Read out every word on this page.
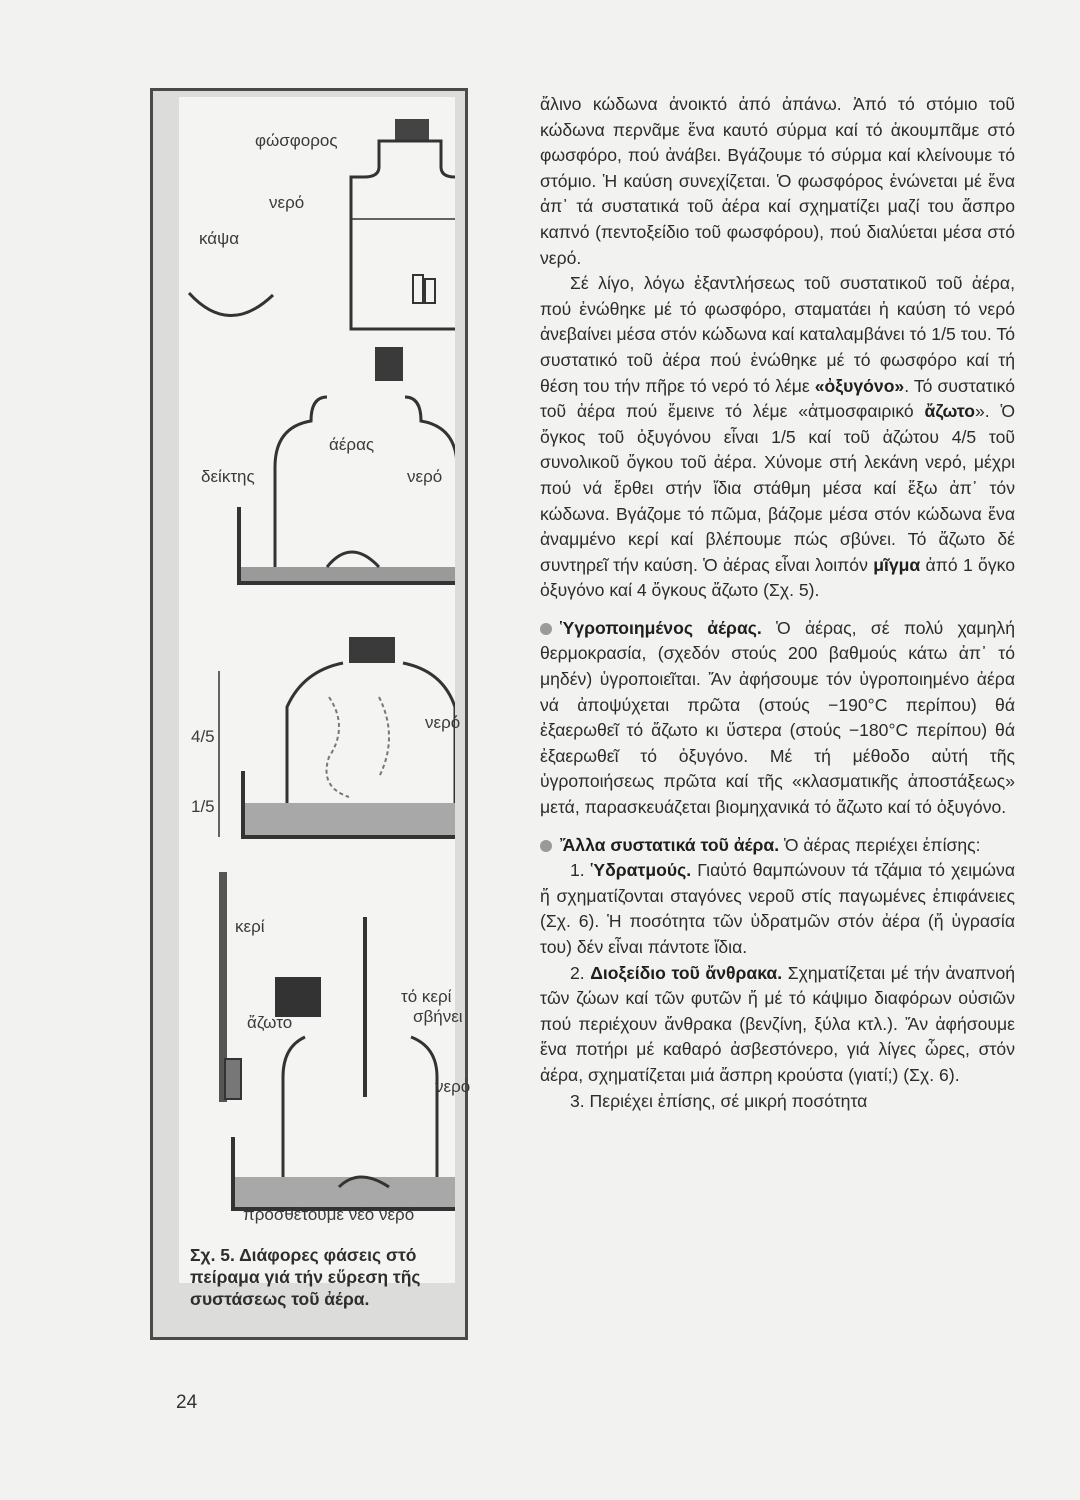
φώσφορος
νερό
κάψα
άέρας
δείκτης	νερό
4/5
νερό
1/5
κερί
ἄζωτο
τό κερί
σβήνει
νερό
προσθέτουμε νέο νερό
Σχ. 5. Διάφορες φάσεις στό πείραμα γιά τήν εὕρεση τῆς συστάσεως τοῦ ἀέρα.

ἄλινο κώδωνα ἀνοικτό ἀπό ἀπάνω. Ἀπό τό στόμιο τοῦ κώδωνα περνᾶμε ἕνα καυτό σύρμα καί τό ἀκουμπᾶμε στό φωσφόρο, πού ἀνάβει. Βγάζουμε τό σύρμα καί κλείνουμε τό στόμιο. Ἡ καύση συνεχίζεται. Ὁ φωσφόρος ἑνώνεται μέ ἕνα ἀπ᾽ τά συστατικά τοῦ ἀέρα καί σχηματίζει μαζί του ἄσπρο καπνό (πεντοξείδιο τοῦ φωσφόρου), πού διαλύεται μέσα στό νερό.

Σέ λίγο, λόγω ἐξαντλήσεως τοῦ συστατικοῦ τοῦ ἀέρα, πού ἑνώθηκε μέ τό φωσφόρο, σταματάει ἡ καύση τό νερό ἀνεβαίνει μέσα στόν κώδωνα καί καταλαμβάνει τό 1/5 του. Τό συστατικό τοῦ ἀέρα πού ἑνώθηκε μέ τό φωσφόρο καί τή θέση του τήν πῆρε τό νερό τό λέμε «ὀξυγόνο». Τό συστατικό τοῦ ἀέρα πού ἔμεινε τό λέμε «ἀτμοσφαιρικό ἄζωτο». Ὁ ὄγκος τοῦ ὀξυγόνου εἶναι 1/5 καί τοῦ ἀζώτου 4/5 τοῦ συνολικοῦ ὄγκου τοῦ ἀέρα. Χύνομε στή λεκάνη νερό, μέχρι πού νά ἔρθει στήν ἴδια στάθμη μέσα καί ἔξω ἀπ᾽ τόν κώδωνα. Βγάζομε τό πῶμα, βάζομε μέσα στόν κώδωνα ἕνα ἀναμμένο κερί καί βλέπουμε πώς σβύνει. Τό ἄζωτο δέ συντηρεῖ τήν καύση. Ὁ ἀέρας εἶναι λοιπόν μῖγμα ἀπό 1 ὄγκο ὀξυγόνο καί 4 ὄγκους ἄζωτο (Σχ. 5).

Ὑγροποιημένος ἀέρας. Ὁ ἀέρας, σέ πολύ χαμηλή θερμοκρασία, (σχεδόν στούς 200 βαθμούς κάτω ἀπ᾽ τό μηδέν) ὑγροποιεῖται. Ἄν ἀφήσουμε τόν ὑγροποιημένο ἀέρα νά ἀποψύχεται πρῶτα (στούς −190°C περίπου) θά ἐξαερωθεῖ τό ἄζωτο κι ὕστερα (στούς −180°C περίπου) θά ἐξαερωθεῖ τό ὀξυγόνο. Μέ τή μέθοδο αὐτή τῆς ὑγροποιήσεως πρῶτα καί τῆς «κλασματικῆς ἀποστάξεως» μετά, παρασκευάζεται βιομηχανικά τό ἄζωτο καί τό ὀξυγόνο.

Ἄλλα συστατικά τοῦ ἀέρα. Ὁ ἀέρας περιέχει ἐπίσης:

1. Ὑδρατμούς. Γιαὐτό θαμπώνουν τά τζάμια τό χειμώνα ἤ σχηματίζονται σταγόνες νεροῦ στίς παγωμένες ἐπιφάνειες (Σχ. 6). Ἡ ποσότητα τῶν ὑδρατμῶν στόν ἀέρα (ἤ ὑγρασία του) δέν εἶναι πάντοτε ἴδια.

2. Διοξείδιο τοῦ ἄνθρακα. Σχηματίζεται μέ τήν ἀναπνοή τῶν ζώων καί τῶν φυτῶν ἤ μέ τό κάψιμο διαφόρων οὐσιῶν πού περιέχουν ἄνθρακα (βενζίνη, ξύλα κτλ.). Ἄν ἀφήσουμε ἕνα ποτήρι μέ καθαρό ἀσβεστόνερο, γιά λίγες ὧρες, στόν ἀέρα, σχηματίζεται μιά ἄσπρη κρούστα (γιατί;) (Σχ. 6).

3. Περιέχει ἐπίσης, σέ μικρή ποσότητα

24
